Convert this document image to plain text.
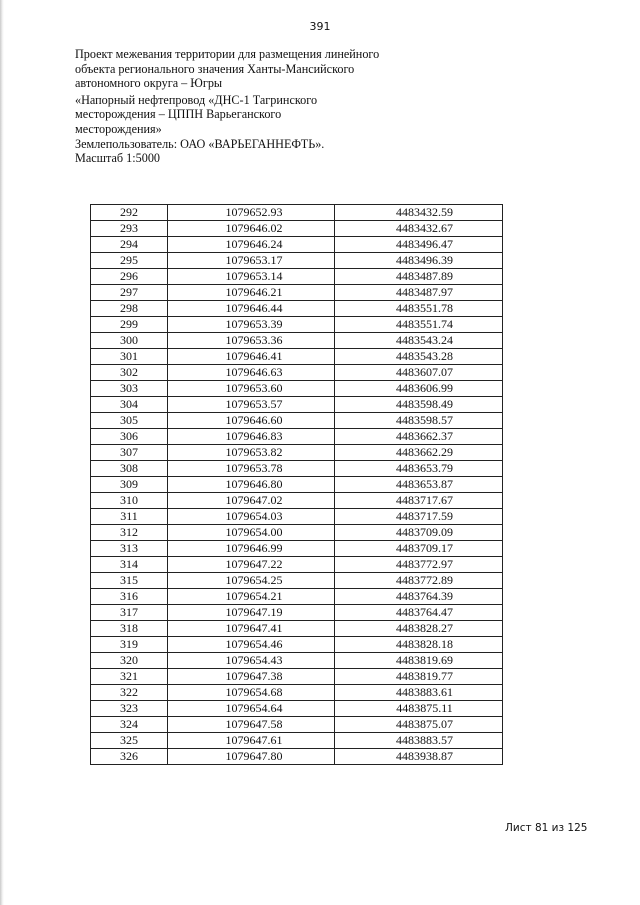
391
Проект межевания территории для размещения линейного
объекта регионального значения Ханты-Мансийского
автономного округа – Югры
«Напорный нефтепровод «ДНС-1 Тагринского
месторождения – ЦППН Варьеганского
месторождения»
Землепользователь: ОАО «ВАРЬЕГАННЕФТЬ».
Масштаб 1:5000
292	1079652.93	4483432.59
293	1079646.02	4483432.67
294	1079646.24	4483496.47
295	1079653.17	4483496.39
296	1079653.14	4483487.89
297	1079646.21	4483487.97
298	1079646.44	4483551.78
299	1079653.39	4483551.74
300	1079653.36	4483543.24
301	1079646.41	4483543.28
302	1079646.63	4483607.07
303	1079653.60	4483606.99
304	1079653.57	4483598.49
305	1079646.60	4483598.57
306	1079646.83	4483662.37
307	1079653.82	4483662.29
308	1079653.78	4483653.79
309	1079646.80	4483653.87
310	1079647.02	4483717.67
311	1079654.03	4483717.59
312	1079654.00	4483709.09
313	1079646.99	4483709.17
314	1079647.22	4483772.97
315	1079654.25	4483772.89
316	1079654.21	4483764.39
317	1079647.19	4483764.47
318	1079647.41	4483828.27
319	1079654.46	4483828.18
320	1079654.43	4483819.69
321	1079647.38	4483819.77
322	1079654.68	4483883.61
323	1079654.64	4483875.11
324	1079647.58	4483875.07
325	1079647.61	4483883.57
326	1079647.80	4483938.87
Лист 81 из 125
